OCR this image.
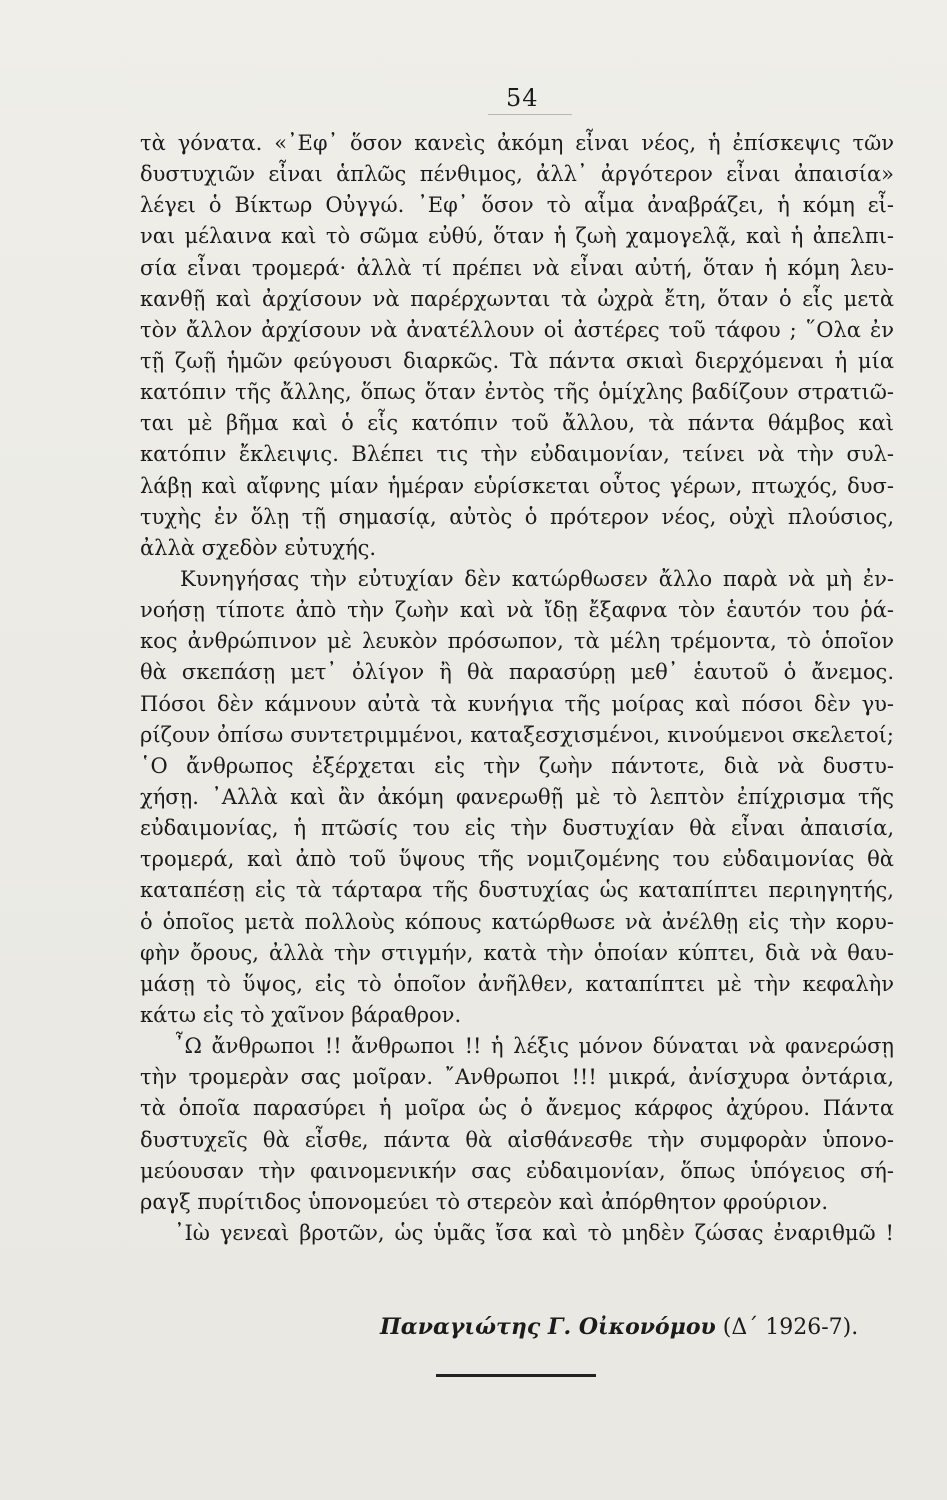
54
τὰ γόνατα. «᾿Εφ᾿ ὅσον κανεὶς ἀκόμη εἶναι νέος, ἡ ἐπίσκεψις τῶν
δυστυχιῶν εἶναι ἁπλῶς πένθιμος, ἀλλ᾿ ἀργότερον εἶναι ἀπαισία»
λέγει ὁ Βίκτωρ Οὐγγώ. ᾿Εφ᾿ ὅσον τὸ αἷμα ἀναβράζει, ἡ κόμη εἶ-
ναι μέλαινα καὶ τὸ σῶμα εὐθύ, ὅταν ἡ ζωὴ χαμογελᾷ, καὶ ἡ ἀπελπι-
σία εἶναι τρομερά· ἀλλὰ τί πρέπει νὰ εἶναι αὐτή, ὅταν ἡ κόμη λευ-
κανθῇ καὶ ἀρχίσουν νὰ παρέρχωνται τὰ ὠχρὰ ἔτη, ὅταν ὁ εἷς μετὰ
τὸν ἄλλον ἀρχίσουν νὰ ἀνατέλλουν οἱ ἀστέρες τοῦ τάφου ; ῞Ολα ἐν
τῇ ζωῇ ἡμῶν φεύγουσι διαρκῶς. Τὰ πάντα σκιαὶ διερχόμεναι ἡ μία
κατόπιν τῆς ἄλλης, ὅπως ὅταν ἐντὸς τῆς ὁμίχλης βαδίζουν στρατιῶ-
ται μὲ βῆμα καὶ ὁ εἷς κατόπιν τοῦ ἄλλου, τὰ πάντα θάμβος καὶ
κατόπιν ἔκλειψις. Βλέπει τις τὴν εὐδαιμονίαν, τείνει νὰ τὴν συλ-
λάβῃ καὶ αἴφνης μίαν ἡμέραν εὑρίσκεται οὗτος γέρων, πτωχός, δυσ-
τυχὴς ἐν ὅλῃ τῇ σημασίᾳ, αὐτὸς ὁ πρότερον νέος, οὐχὶ πλούσιος,
ἀλλὰ σχεδὸν εὐτυχής.
Κυνηγήσας τὴν εὐτυχίαν δὲν κατώρθωσεν ἄλλο παρὰ νὰ μὴ ἐν-
νοήσῃ τίποτε ἀπὸ τὴν ζωὴν καὶ νὰ ἴδῃ ἔξαφνα τὸν ἑαυτόν του ῥά-
κος ἀνθρώπινον μὲ λευκὸν πρόσωπον, τὰ μέλη τρέμοντα, τὸ ὁποῖον
θὰ σκεπάσῃ μετ᾿ ὀλίγον ἢ θὰ παρασύρῃ μεθ᾿ ἑαυτοῦ ὁ ἄνεμος.
Πόσοι δὲν κάμνουν αὐτὰ τὰ κυνήγια τῆς μοίρας καὶ πόσοι δὲν γυ-
ρίζουν ὀπίσω συντετριμμένοι, καταξεσχισμένοι, κινούμενοι σκελετοί;
῾Ο ἄνθρωπος ἐξέρχεται εἰς τὴν ζωὴν πάντοτε, διὰ νὰ δυστυ-
χήσῃ. ᾿Αλλὰ καὶ ἂν ἀκόμη φανερωθῇ μὲ τὸ λεπτὸν ἐπίχρισμα τῆς
εὐδαιμονίας, ἡ πτῶσίς του εἰς τὴν δυστυχίαν θὰ εἶναι ἀπαισία,
τρομερά, καὶ ἀπὸ τοῦ ὕψους τῆς νομιζομένης του εὐδαιμονίας θὰ
καταπέσῃ εἰς τὰ τάρταρα τῆς δυστυχίας ὡς καταπίπτει περιηγητής,
ὁ ὁποῖος μετὰ πολλοὺς κόπους κατώρθωσε νὰ ἀνέλθῃ εἰς τὴν κορυ-
φὴν ὄρους, ἀλλὰ τὴν στιγμήν, κατὰ τὴν ὁποίαν κύπτει, διὰ νὰ θαυ-
μάσῃ τὸ ὕψος, εἰς τὸ ὁποῖον ἀνῆλθεν, καταπίπτει μὲ τὴν κεφαλὴν
κάτω εἰς τὸ χαῖνον βάραθρον.
῏Ω ἄνθρωποι !! ἄνθρωποι !! ἡ λέξις μόνον δύναται νὰ φανερώσῃ
τὴν τρομερὰν σας μοῖραν. ῎Ανθρωποι !!! μικρά, ἀνίσχυρα ὀντάρια,
τὰ ὁποῖα παρασύρει ἡ μοῖρα ὡς ὁ ἄνεμος κάρφος ἀχύρου. Πάντα
δυστυχεῖς θὰ εἶσθε, πάντα θὰ αἰσθάνεσθε τὴν συμφορὰν ὑπονο-
μεύουσαν τὴν φαινομενικήν σας εὐδαιμονίαν, ὅπως ὑπόγειος σή-
ραγξ πυρίτιδος ὑπονομεύει τὸ στερεὸν καὶ ἀπόρθητον φρούριον.
᾿Ιὼ γενεαὶ βροτῶν, ὡς ὑμᾶς ἴσα καὶ τὸ μηδὲν ζώσας ἐναριθμῶ !
Παναγιώτης Γ. Οἰκονόμου (Δ΄ 1926-7).
